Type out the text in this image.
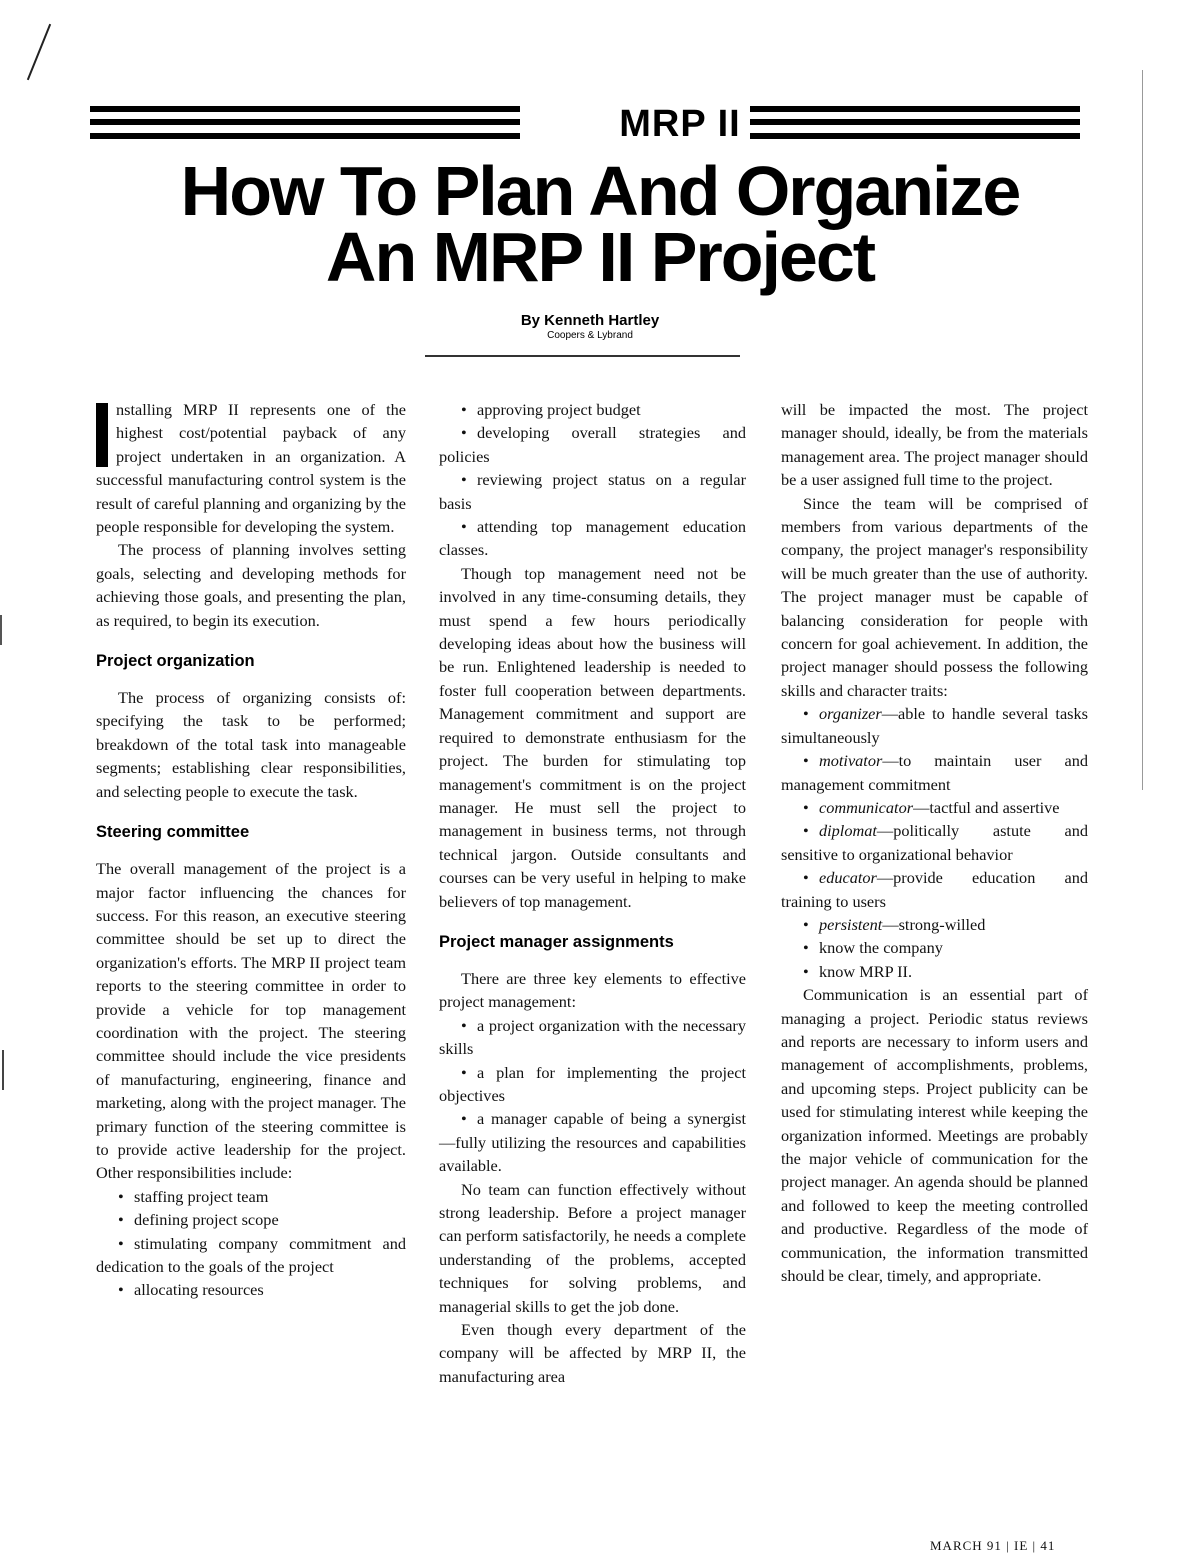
MRP II
How To Plan And Organize
An MRP II Project
By Kenneth Hartley
Coopers & Lybrand

nstalling MRP II represents one of the highest cost/potential payback of any project undertaken in an organization. A successful manufacturing control system is the result of careful planning and organizing by the people responsible for developing the system.

The process of planning involves setting goals, selecting and developing methods for achieving those goals, and presenting the plan, as required, to begin its execution.

Project organization

The process of organizing consists of: specifying the task to be performed; breakdown of the total task into manageable segments; establishing clear responsibilities, and selecting people to execute the task.

Steering committee

The overall management of the project is a major factor influencing the chances for success. For this reason, an executive steering committee should be set up to direct the organization's efforts. The MRP II project team reports to the steering committee in order to provide a vehicle for top management coordination with the project. The steering committee should include the vice presidents of manufacturing, engineering, finance and marketing, along with the project manager. The primary function of the steering committee is to provide active leadership for the project. Other responsibilities include:

• staffing project team
• defining project scope
• stimulating company commitment and dedication to the goals of the project
• allocating resources
• approving project budget
• developing overall strategies and policies
• reviewing project status on a regular basis
• attending top management education classes.

Though top management need not be involved in any time-consuming details, they must spend a few hours periodically developing ideas about how the business will be run. Enlightened leadership is needed to foster full cooperation between departments. Management commitment and support are required to demonstrate enthusiasm for the project. The burden for stimulating top management's commitment is on the project manager. He must sell the project to management in business terms, not through technical jargon. Outside consultants and courses can be very useful in helping to make believers of top management.

Project manager assignments

There are three key elements to effective project management:

• a project organization with the necessary skills
• a plan for implementing the project objectives
• a manager capable of being a synergist—fully utilizing the resources and capabilities available.

No team can function effectively without strong leadership. Before a project manager can perform satisfactorily, he needs a complete understanding of the problems, accepted techniques for solving problems, and managerial skills to get the job done.

Even though every department of the company will be affected by MRP II, the manufacturing area

will be impacted the most. The project manager should, ideally, be from the materials management area. The project manager should be a user assigned full time to the project.

Since the team will be comprised of members from various departments of the company, the project manager's responsibility will be much greater than the use of authority. The project manager must be capable of balancing consideration for people with concern for goal achievement. In addition, the project manager should possess the following skills and character traits:

• organizer—able to handle several tasks simultaneously
• motivator—to maintain user and management commitment
• communicator—tactful and assertive
• diplomat—politically astute and sensitive to organizational behavior
• educator—provide education and training to users
• persistent—strong-willed
• know the company
• know MRP II.

Communication is an essential part of managing a project. Periodic status reviews and reports are necessary to inform users and management of accomplishments, problems, and upcoming steps. Project publicity can be used for stimulating interest while keeping the organization informed. Meetings are probably the major vehicle of communication for the project manager. An agenda should be planned and followed to keep the meeting controlled and productive. Regardless of the mode of communication, the information transmitted should be clear, timely, and appropriate.

MARCH 91 | IE | 41
